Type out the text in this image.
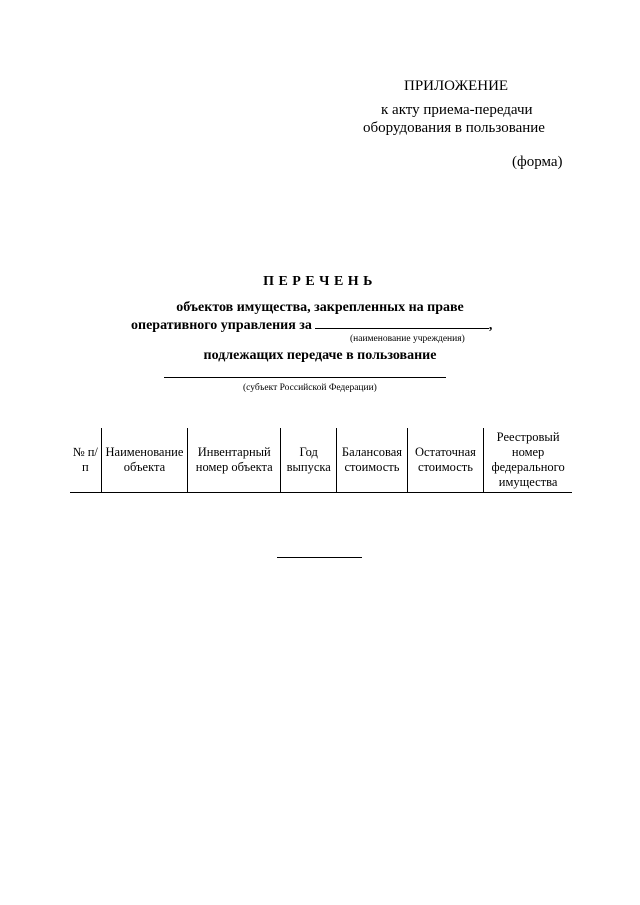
ПРИЛОЖЕНИЕ
к акту приема-передачи
оборудования в пользование
(форма)
ПЕРЕЧЕНЬ
объектов имущества, закрепленных на праве
оперативного управления за	,
(наименование учреждения)
подлежащих передаче в пользование
(субъект Российской Федерации)
№ п/п	Наименование объекта	Инвентарный номер объекта	Год выпуска	Балансовая стоимость	Остаточная стоимость	Реестровый номер федерального имущества
